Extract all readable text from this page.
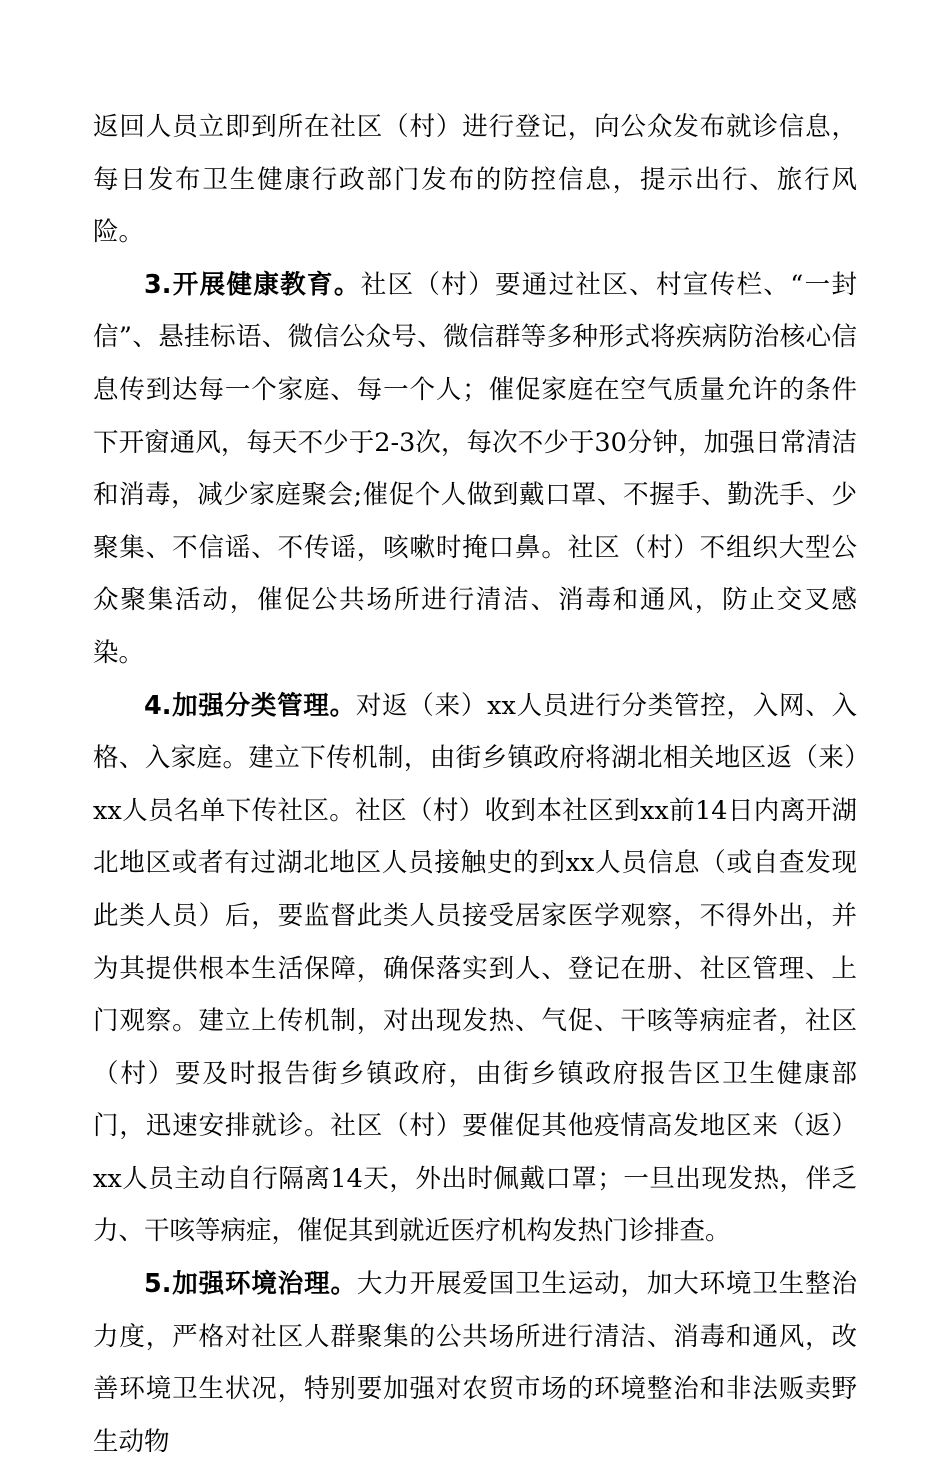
返回人员立即到所在社区（村）进行登记，向公众发布就诊信息，每日发布卫生健康行政部门发布的防控信息，提示出行、旅行风险。

3.开展健康教育。社区（村）要通过社区、村宣传栏、“一封信”、悬挂标语、微信公众号、微信群等多种形式将疾病防治核心信息传到达每一个家庭、每一个人；催促家庭在空气质量允许的条件下开窗通风，每天不少于2-3次，每次不少于30分钟，加强日常清洁和消毒，减少家庭聚会;催促个人做到戴口罩、不握手、勤洗手、少聚集、不信谣、不传谣，咳嗽时掩口鼻。社区（村）不组织大型公众聚集活动，催促公共场所进行清洁、消毒和通风，防止交叉感染。

4.加强分类管理。对返（来）xx人员进行分类管控，入网、入格、入家庭。建立下传机制，由街乡镇政府将湖北相关地区返（来）xx人员名单下传社区。社区（村）收到本社区到xx前14日内离开湖北地区或者有过湖北地区人员接触史的到xx人员信息（或自查发现此类人员）后，要监督此类人员接受居家医学观察，不得外出，并为其提供根本生活保障，确保落实到人、登记在册、社区管理、上门观察。建立上传机制，对出现发热、气促、干咳等病症者，社区（村）要及时报告街乡镇政府，由街乡镇政府报告区卫生健康部门，迅速安排就诊。社区（村）要催促其他疫情高发地区来（返）xx人员主动自行隔离14天，外出时佩戴口罩；一旦出现发热，伴乏力、干咳等病症，催促其到就近医疗机构发热门诊排查。

5.加强环境治理。大力开展爱国卫生运动，加大环境卫生整治力度，严格对社区人群聚集的公共场所进行清洁、消毒和通风，改善环境卫生状况，特别要加强对农贸市场的环境整治和非法贩卖野生动物
